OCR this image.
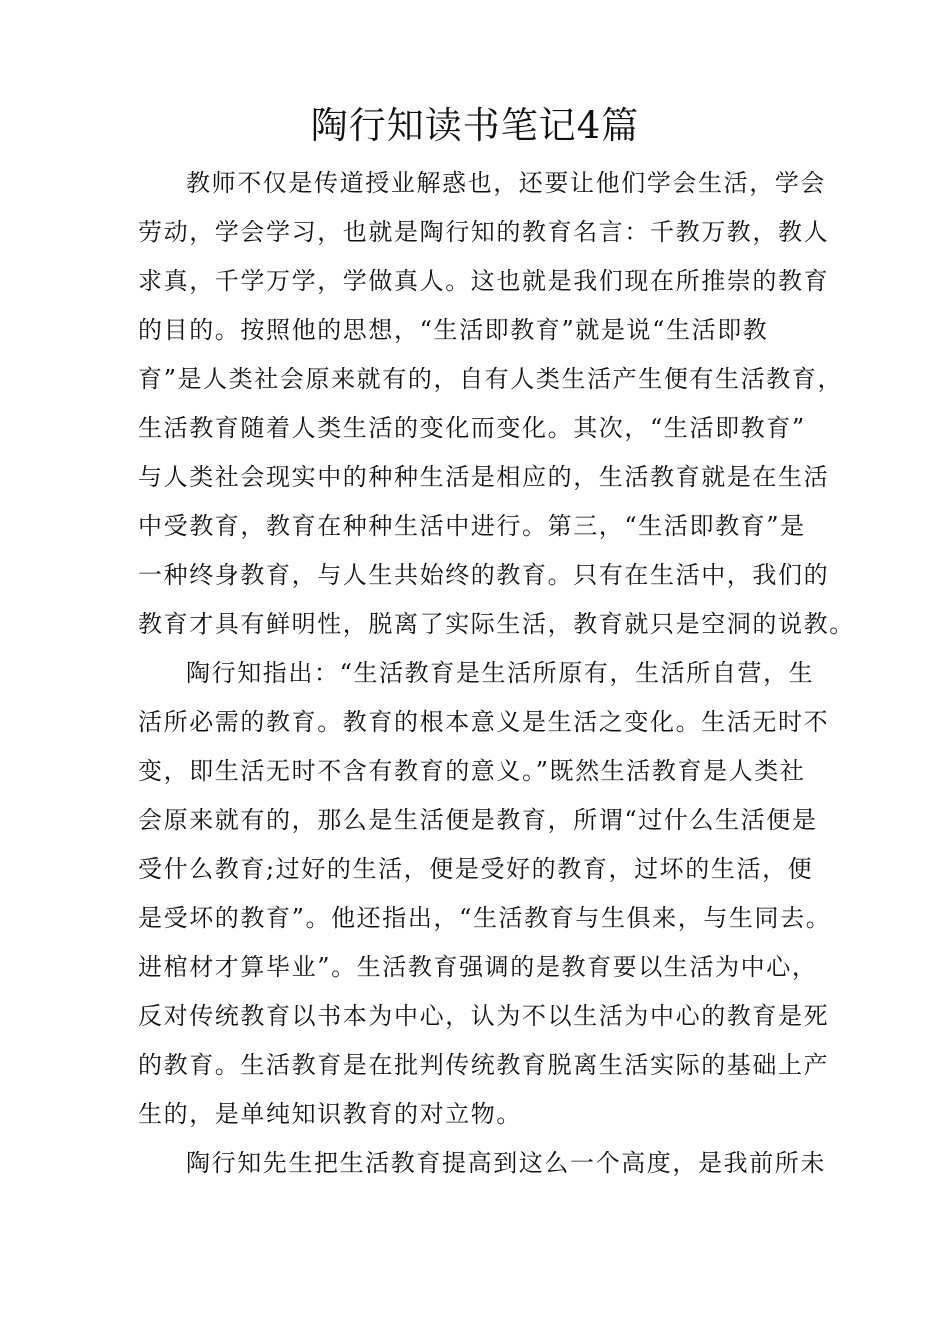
陶行知读书笔记4篇
教师不仅是传道授业解惑也，还要让他们学会生活，学会
劳动，学会学习，也就是陶行知的教育名言：千教万教，教人
求真，千学万学，学做真人。这也就是我们现在所推崇的教育
的目的。按照他的思想，“生活即教育”就是说“生活即教
育”是人类社会原来就有的，自有人类生活产生便有生活教育，
生活教育随着人类生活的变化而变化。其次，“生活即教育”
与人类社会现实中的种种生活是相应的，生活教育就是在生活
中受教育，教育在种种生活中进行。第三，“生活即教育”是
一种终身教育，与人生共始终的教育。只有在生活中，我们的
教育才具有鲜明性，脱离了实际生活，教育就只是空洞的说教。
陶行知指出：“生活教育是生活所原有，生活所自营，生
活所必需的教育。教育的根本意义是生活之变化。生活无时不
变，即生活无时不含有教育的意义。”既然生活教育是人类社
会原来就有的，那么是生活便是教育，所谓“过什么生活便是
受什么教育;过好的生活，便是受好的教育，过坏的生活，便
是受坏的教育”。他还指出，“生活教育与生俱来，与生同去。
进棺材才算毕业”。生活教育强调的是教育要以生活为中心，
反对传统教育以书本为中心，认为不以生活为中心的教育是死
的教育。生活教育是在批判传统教育脱离生活实际的基础上产
生的，是单纯知识教育的对立物。
陶行知先生把生活教育提高到这么一个高度，是我前所未
